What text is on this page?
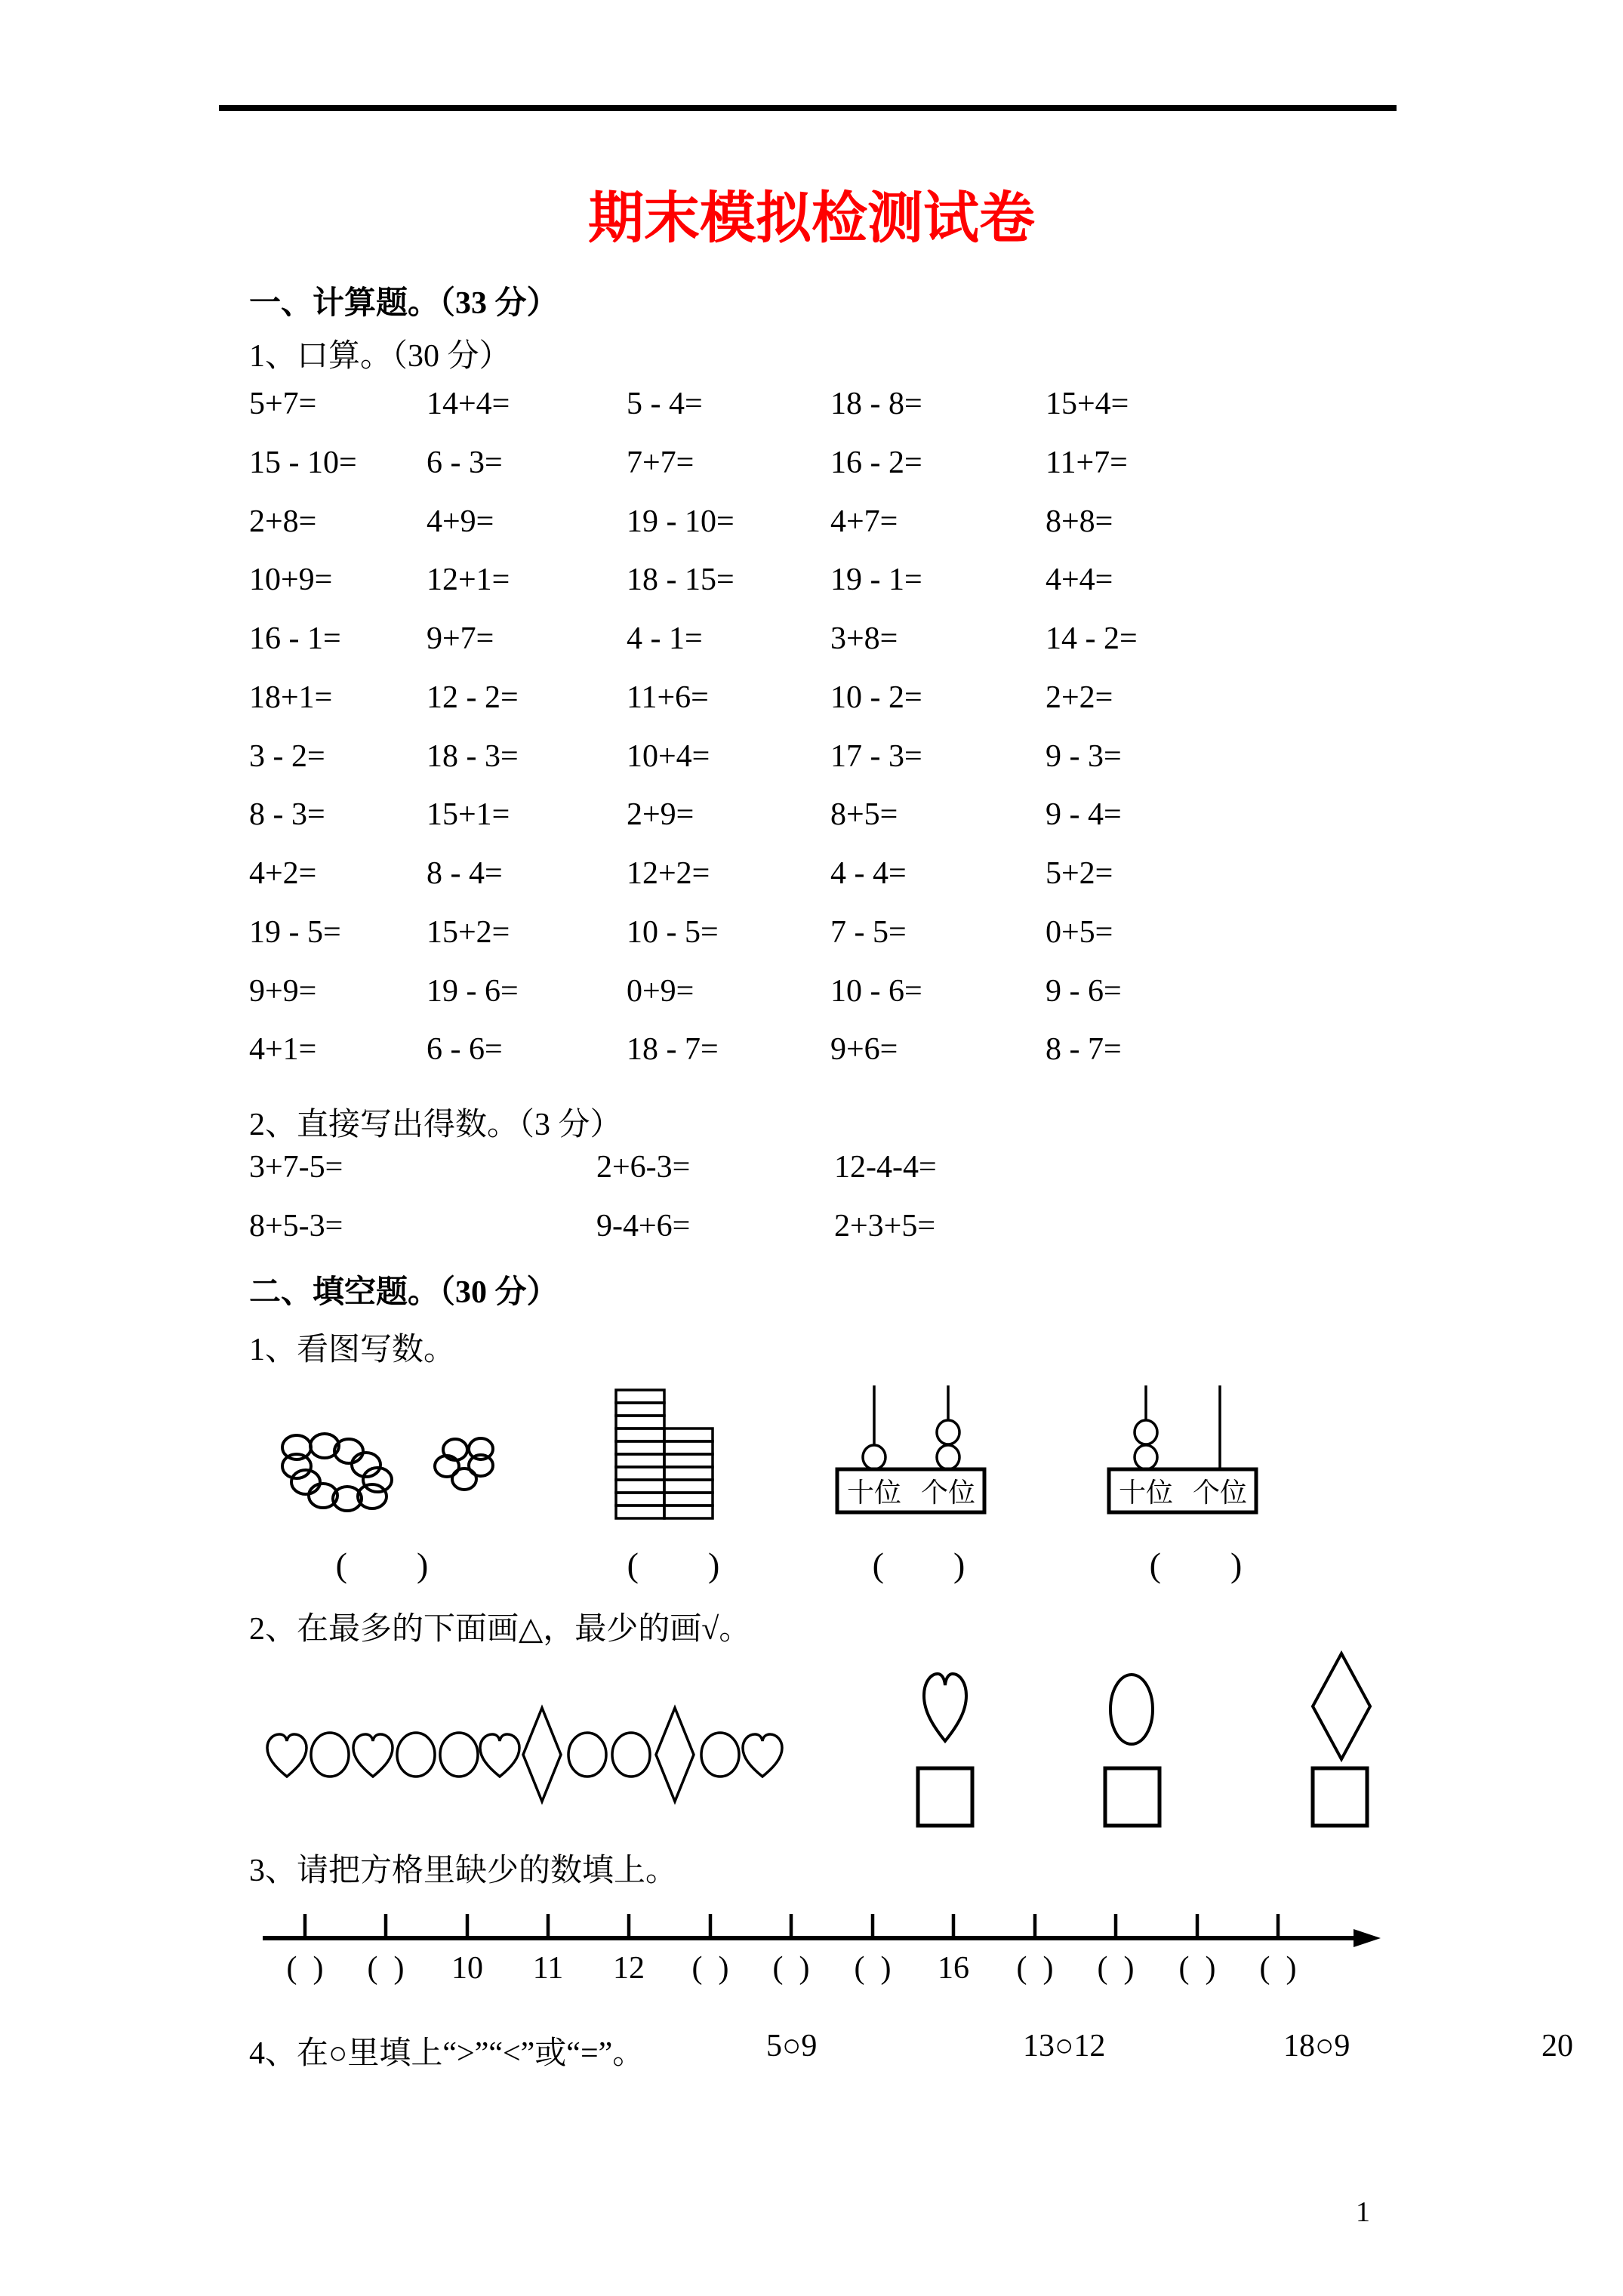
期末模拟检测试卷
一、计算题。（33 分）
1、口算。（30 分）
5+7=	14+4=	5 - 4=	18 - 8=	15+4=
15 - 10= 6 - 3=	7+7=	16 - 2=	11+7=
2+8=	4+9=	19 - 10=	4+7=	8+8=
10+9=	12+1=	18 - 15=	19 - 1=	4+4=
16 - 1=	9+7=	4 - 1=	3+8=	14 - 2=
18+1=	12 - 2=	11+6=	10 - 2=	2+2=
3 - 2=	18 - 3=	10+4=	17 - 3=	9 - 3=
8 - 3=	15+1=	2+9=	8+5=	9 - 4=
4+2=	8 - 4=	12+2=	4 - 4=	5+2=
19 - 5=	15+2=	10 - 5=	7 - 5=	0+5=
9+9=	19 - 6=	0+9=	10 - 6=	9 - 6=
4+1=	6 - 6=	18 - 7=	9+6=	8 - 7=
2、直接写出得数。（3 分）
3+7-5=	2+6-3=	12-4-4=
8+5-3=	9-4+6=	2+3+5=
二、填空题。（30 分）
1、看图写数。
十位 个位	十位 个位
(        )	(        )	(        )	(        )
2、在最多的下面画△，最少的画√。
3、请把方格里缺少的数填上。
(  )	(  )	10	11	12	(  )	(  )	(  )	16	(  )	(  )	(  )	(  )
4、在○里填上“>”“<”或“=”。	5○9	13○12	18○9	20
1
